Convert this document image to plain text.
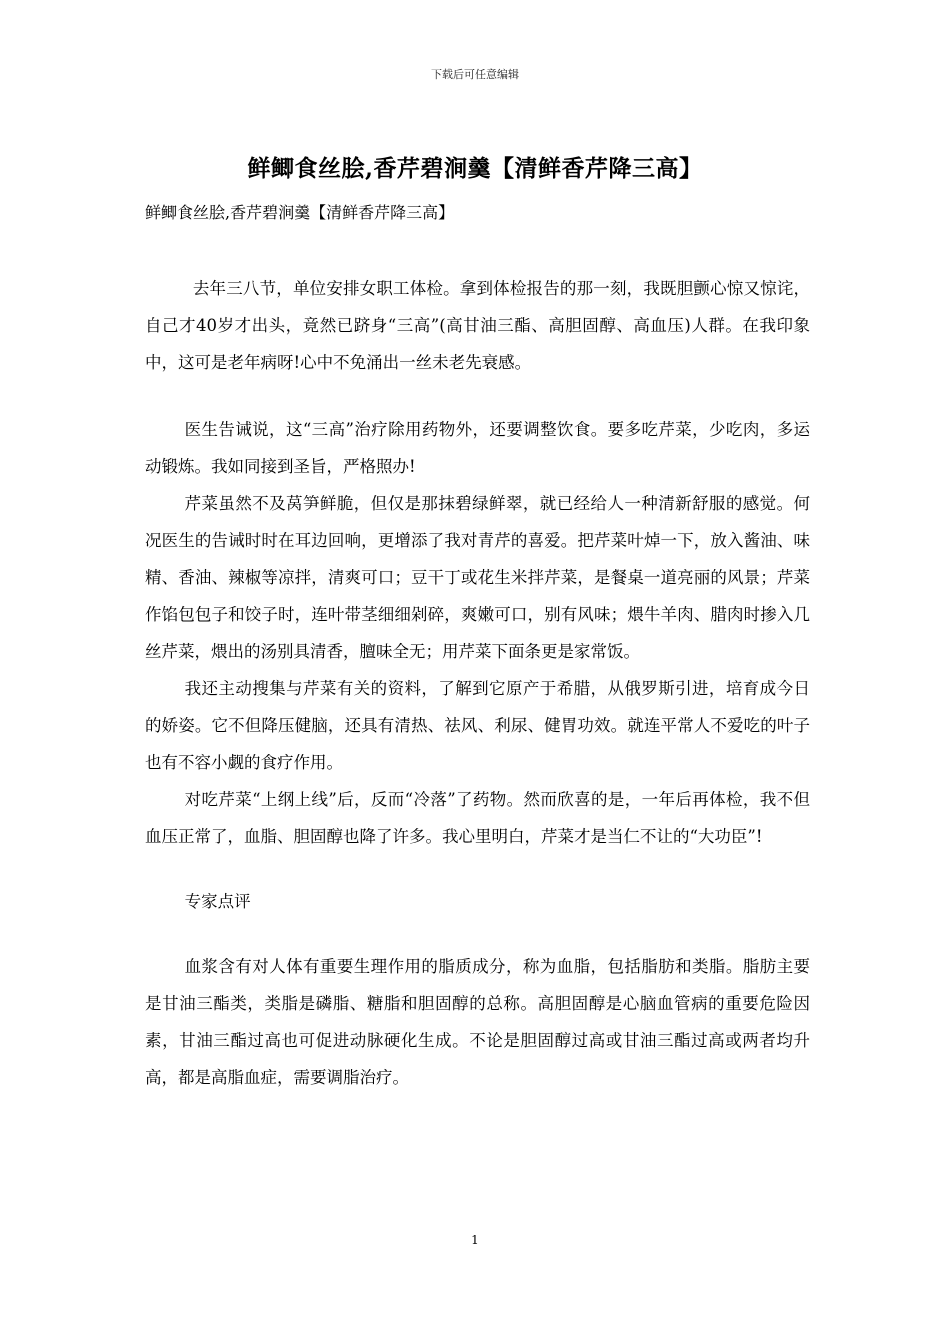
下载后可任意编辑
鲜鲫食丝脍,香芹碧涧羹【清鲜香芹降三高】
鲜鲫食丝脍,香芹碧涧羹【清鲜香芹降三高】

去年三八节，单位安排女职工体检。拿到体检报告的那一刻，我既胆颤心惊又惊诧，自己才40岁才出头，竟然已跻身“三高”(高甘油三酯、高胆固醇、高血压)人群。在我印象中，这可是老年病呀!心中不免涌出一丝未老先衰感。

医生告诫说，这“三高”治疗除用药物外，还要调整饮食。要多吃芹菜，少吃肉，多运动锻炼。我如同接到圣旨，严格照办!

芹菜虽然不及莴笋鲜脆，但仅是那抹碧绿鲜翠，就已经给人一种清新舒服的感觉。何况医生的告诫时时在耳边回响，更增添了我对青芹的喜爱。把芹菜叶焯一下，放入酱油、味精、香油、辣椒等凉拌，清爽可口；豆干丁或花生米拌芹菜，是餐桌一道亮丽的风景；芹菜作馅包包子和饺子时，连叶带茎细细剁碎，爽嫩可口，别有风味；煨牛羊肉、腊肉时掺入几丝芹菜，煨出的汤别具清香，膻味全无；用芹菜下面条更是家常饭。

我还主动搜集与芹菜有关的资料，了解到它原产于希腊，从俄罗斯引进，培育成今日的娇姿。它不但降压健脑，还具有清热、祛风、利尿、健胃功效。就连平常人不爱吃的叶子也有不容小觑的食疗作用。

对吃芹菜“上纲上线”后，反而“冷落”了药物。然而欣喜的是，一年后再体检，我不但血压正常了，血脂、胆固醇也降了许多。我心里明白，芹菜才是当仁不让的“大功臣”!

专家点评

血浆含有对人体有重要生理作用的脂质成分，称为血脂，包括脂肪和类脂。脂肪主要是甘油三酯类，类脂是磷脂、糖脂和胆固醇的总称。高胆固醇是心脑血管病的重要危险因素，甘油三酯过高也可促进动脉硬化生成。不论是胆固醇过高或甘油三酯过高或两者均升高，都是高脂血症，需要调脂治疗。

1
